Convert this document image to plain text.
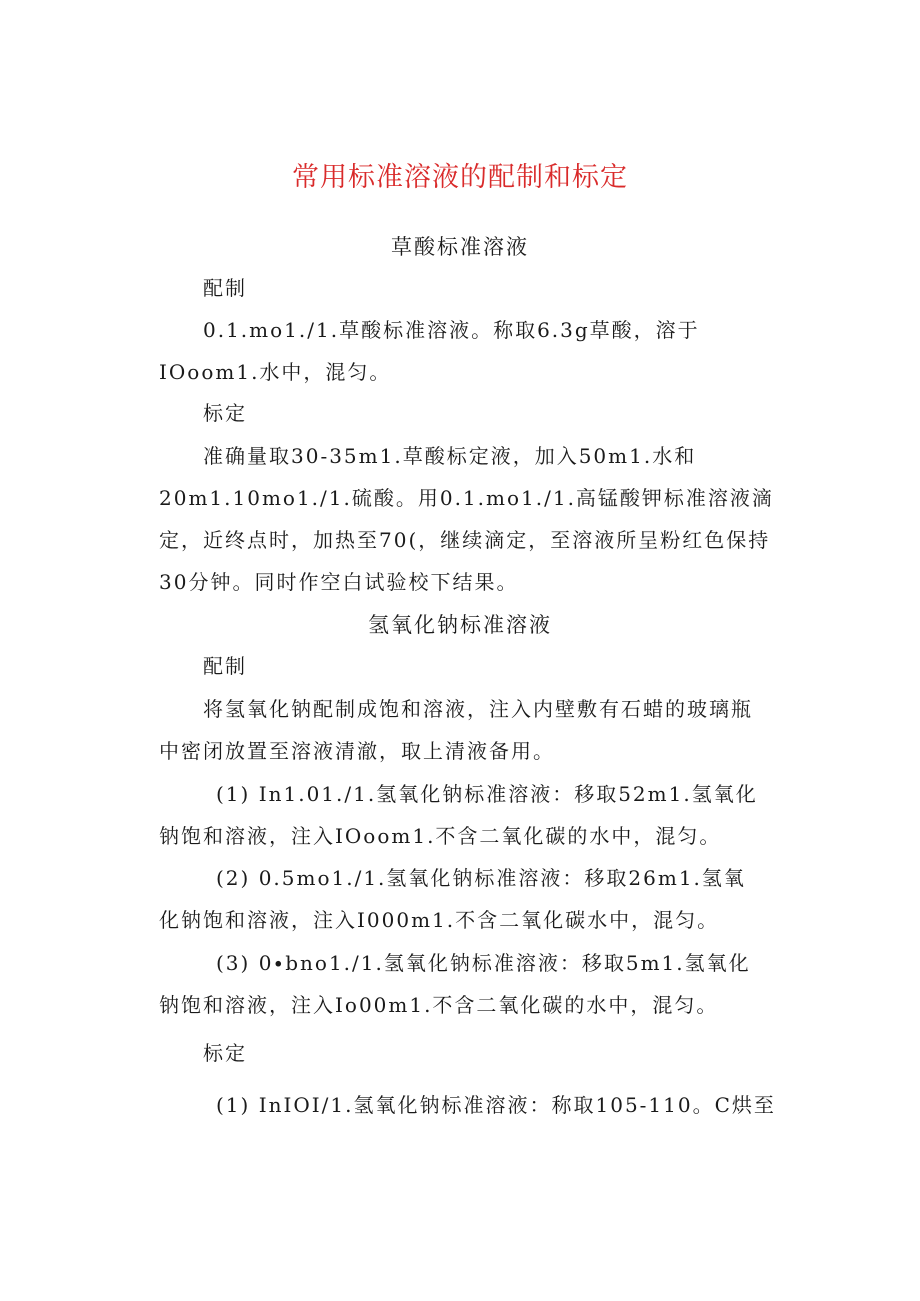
常用标准溶液的配制和标定
草酸标准溶液
配制
0.1.mo1./1.草酸标准溶液。称取6.3g草酸，溶于
IOoom1.水中，混匀。
标定
准确量取30-35m1.草酸标定液，加入50m1.水和
20m1.10mo1./1.硫酸。用0.1.mo1./1.高锰酸钾标准溶液滴
定，近终点时，加热至70(，继续滴定，至溶液所呈粉红色保持
30分钟。同时作空白试验校下结果。
氢氧化钠标准溶液
配制
将氢氧化钠配制成饱和溶液，注入内壁敷有石蜡的玻璃瓶
中密闭放置至溶液清澈，取上清液备用。
(1) In1.01./1.氢氧化钠标准溶液：移取52m1.氢氧化
钠饱和溶液，注入IOoom1.不含二氧化碳的水中，混匀。
(2) 0.5mo1./1.氢氧化钠标准溶液：移取26m1.氢氧
化钠饱和溶液，注入I000m1.不含二氧化碳水中，混匀。
(3) 0∙bno1./1.氢氧化钠标准溶液：移取5m1.氢氧化
钠饱和溶液，注入Io00m1.不含二氧化碳的水中，混匀。
标定
(1) InIOI/1.氢氧化钠标准溶液：称取105-110。C烘至
